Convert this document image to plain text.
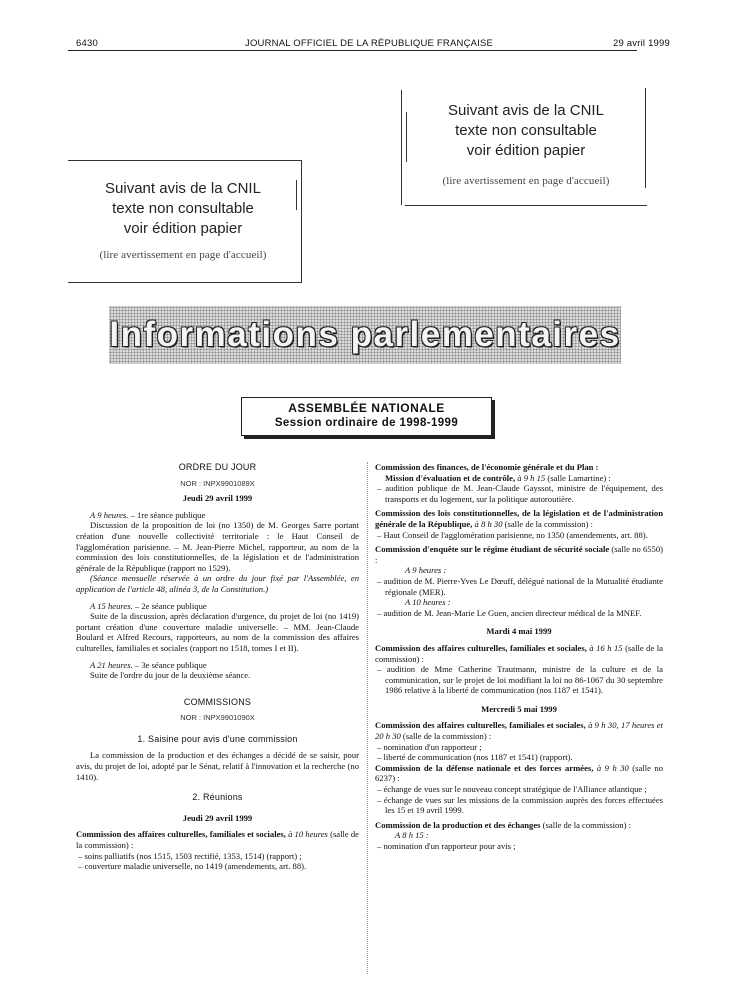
6430	JOURNAL OFFICIEL DE LA RÉPUBLIQUE FRANÇAISE	29 avril 1999
Suivant avis de la CNIL
texte non consultable
voir édition papier
(lire avertissement en page d'accueil)
Suivant avis de la CNIL
texte non consultable
voir édition papier
(lire avertissement en page d'accueil)
Informations parlementaires
ASSEMBLÉE NATIONALE
Session ordinaire de 1998-1999
ORDRE DU JOUR
NOR : INPX9901089X
Jeudi 29 avril 1999

A 9 heures. – 1re séance publique

Discussion de la proposition de loi (no 1350) de M. Georges Sarre portant création d'une nouvelle collectivité territoriale : le Haut Conseil de l'agglomération parisienne. – M. Jean-Pierre Michel, rapporteur, au nom de la commission des lois constitutionnelles, de la législation et de l'administration générale de la République (rapport no 1529).

(Séance mensuelle réservée à un ordre du jour fixé par l'Assemblée, en application de l'article 48, alinéa 3, de la Constitution.)

A 15 heures. – 2e séance publique

Suite de la discussion, après déclaration d'urgence, du projet de loi (no 1419) portant création d'une couverture maladie universelle. – MM. Jean-Claude Boulard et Alfred Recours, rapporteurs, au nom de la commission des affaires culturelles, familiales et sociales (rapport no 1518, tomes I et II).

A 21 heures. – 3e séance publique

Suite de l'ordre du jour de la deuxième séance.

COMMISSIONS
NOR : INPX9901090X
1. Saisine pour avis d'une commission

La commission de la production et des échanges a décidé de se saisir, pour avis, du projet de loi, adopté par le Sénat, relatif à l'innovation et la recherche (no 1410).

2. Réunions
Jeudi 29 avril 1999

Commission des affaires culturelles, familiales et sociales, à 10 heures (salle de la commission) :

– soins palliatifs (nos 1515, 1503 rectifié, 1353, 1514) (rapport) ;

– couverture maladie universelle, no 1419 (amendements, art. 88).

Commission des finances, de l'économie générale et du Plan :

Mission d'évaluation et de contrôle, à 9 h 15 (salle Lamartine) :

– audition publique de M. Jean-Claude Gayssot, ministre de l'équipement, des transports et du logement, sur la politique autoroutière.

Commission des lois constitutionnelles, de la législation et de l'administration générale de la République, à 8 h 30 (salle de la commission) :

– Haut Conseil de l'agglomération parisienne, no 1350 (amendements, art. 88).

Commission d'enquête sur le régime étudiant de sécurité sociale (salle no 6550) :

A 9 heures :

– audition de M. Pierre-Yves Le Dœuff, délégué national de la Mutualité étudiante régionale (MER).

A 10 heures :

– audition de M. Jean-Marie Le Guen, ancien directeur médical de la MNEF.

Mardi 4 mai 1999

Commission des affaires culturelles, familiales et sociales, à 16 h 15 (salle de la commission) :

– audition de Mme Catherine Trautmann, ministre de la culture et de la communication, sur le projet de loi modifiant la loi no 86-1067 du 30 septembre 1986 relative à la liberté de communication (nos 1187 et 1541).

Mercredi 5 mai 1999

Commission des affaires culturelles, familiales et sociales, à 9 h 30, 17 heures et 20 h 30 (salle de la commission) :

– nomination d'un rapporteur ;

– liberté de communication (nos 1187 et 1541) (rapport).

Commission de la défense nationale et des forces armées, à 9 h 30 (salle no 6237) :

– échange de vues sur le nouveau concept stratégique de l'Alliance atlantique ;

– échange de vues sur les missions de la commission auprès des forces effectuées les 15 et 19 avril 1999.

Commission de la production et des échanges (salle de la commission) :

A 8 h 15 :

– nomination d'un rapporteur pour avis ;
